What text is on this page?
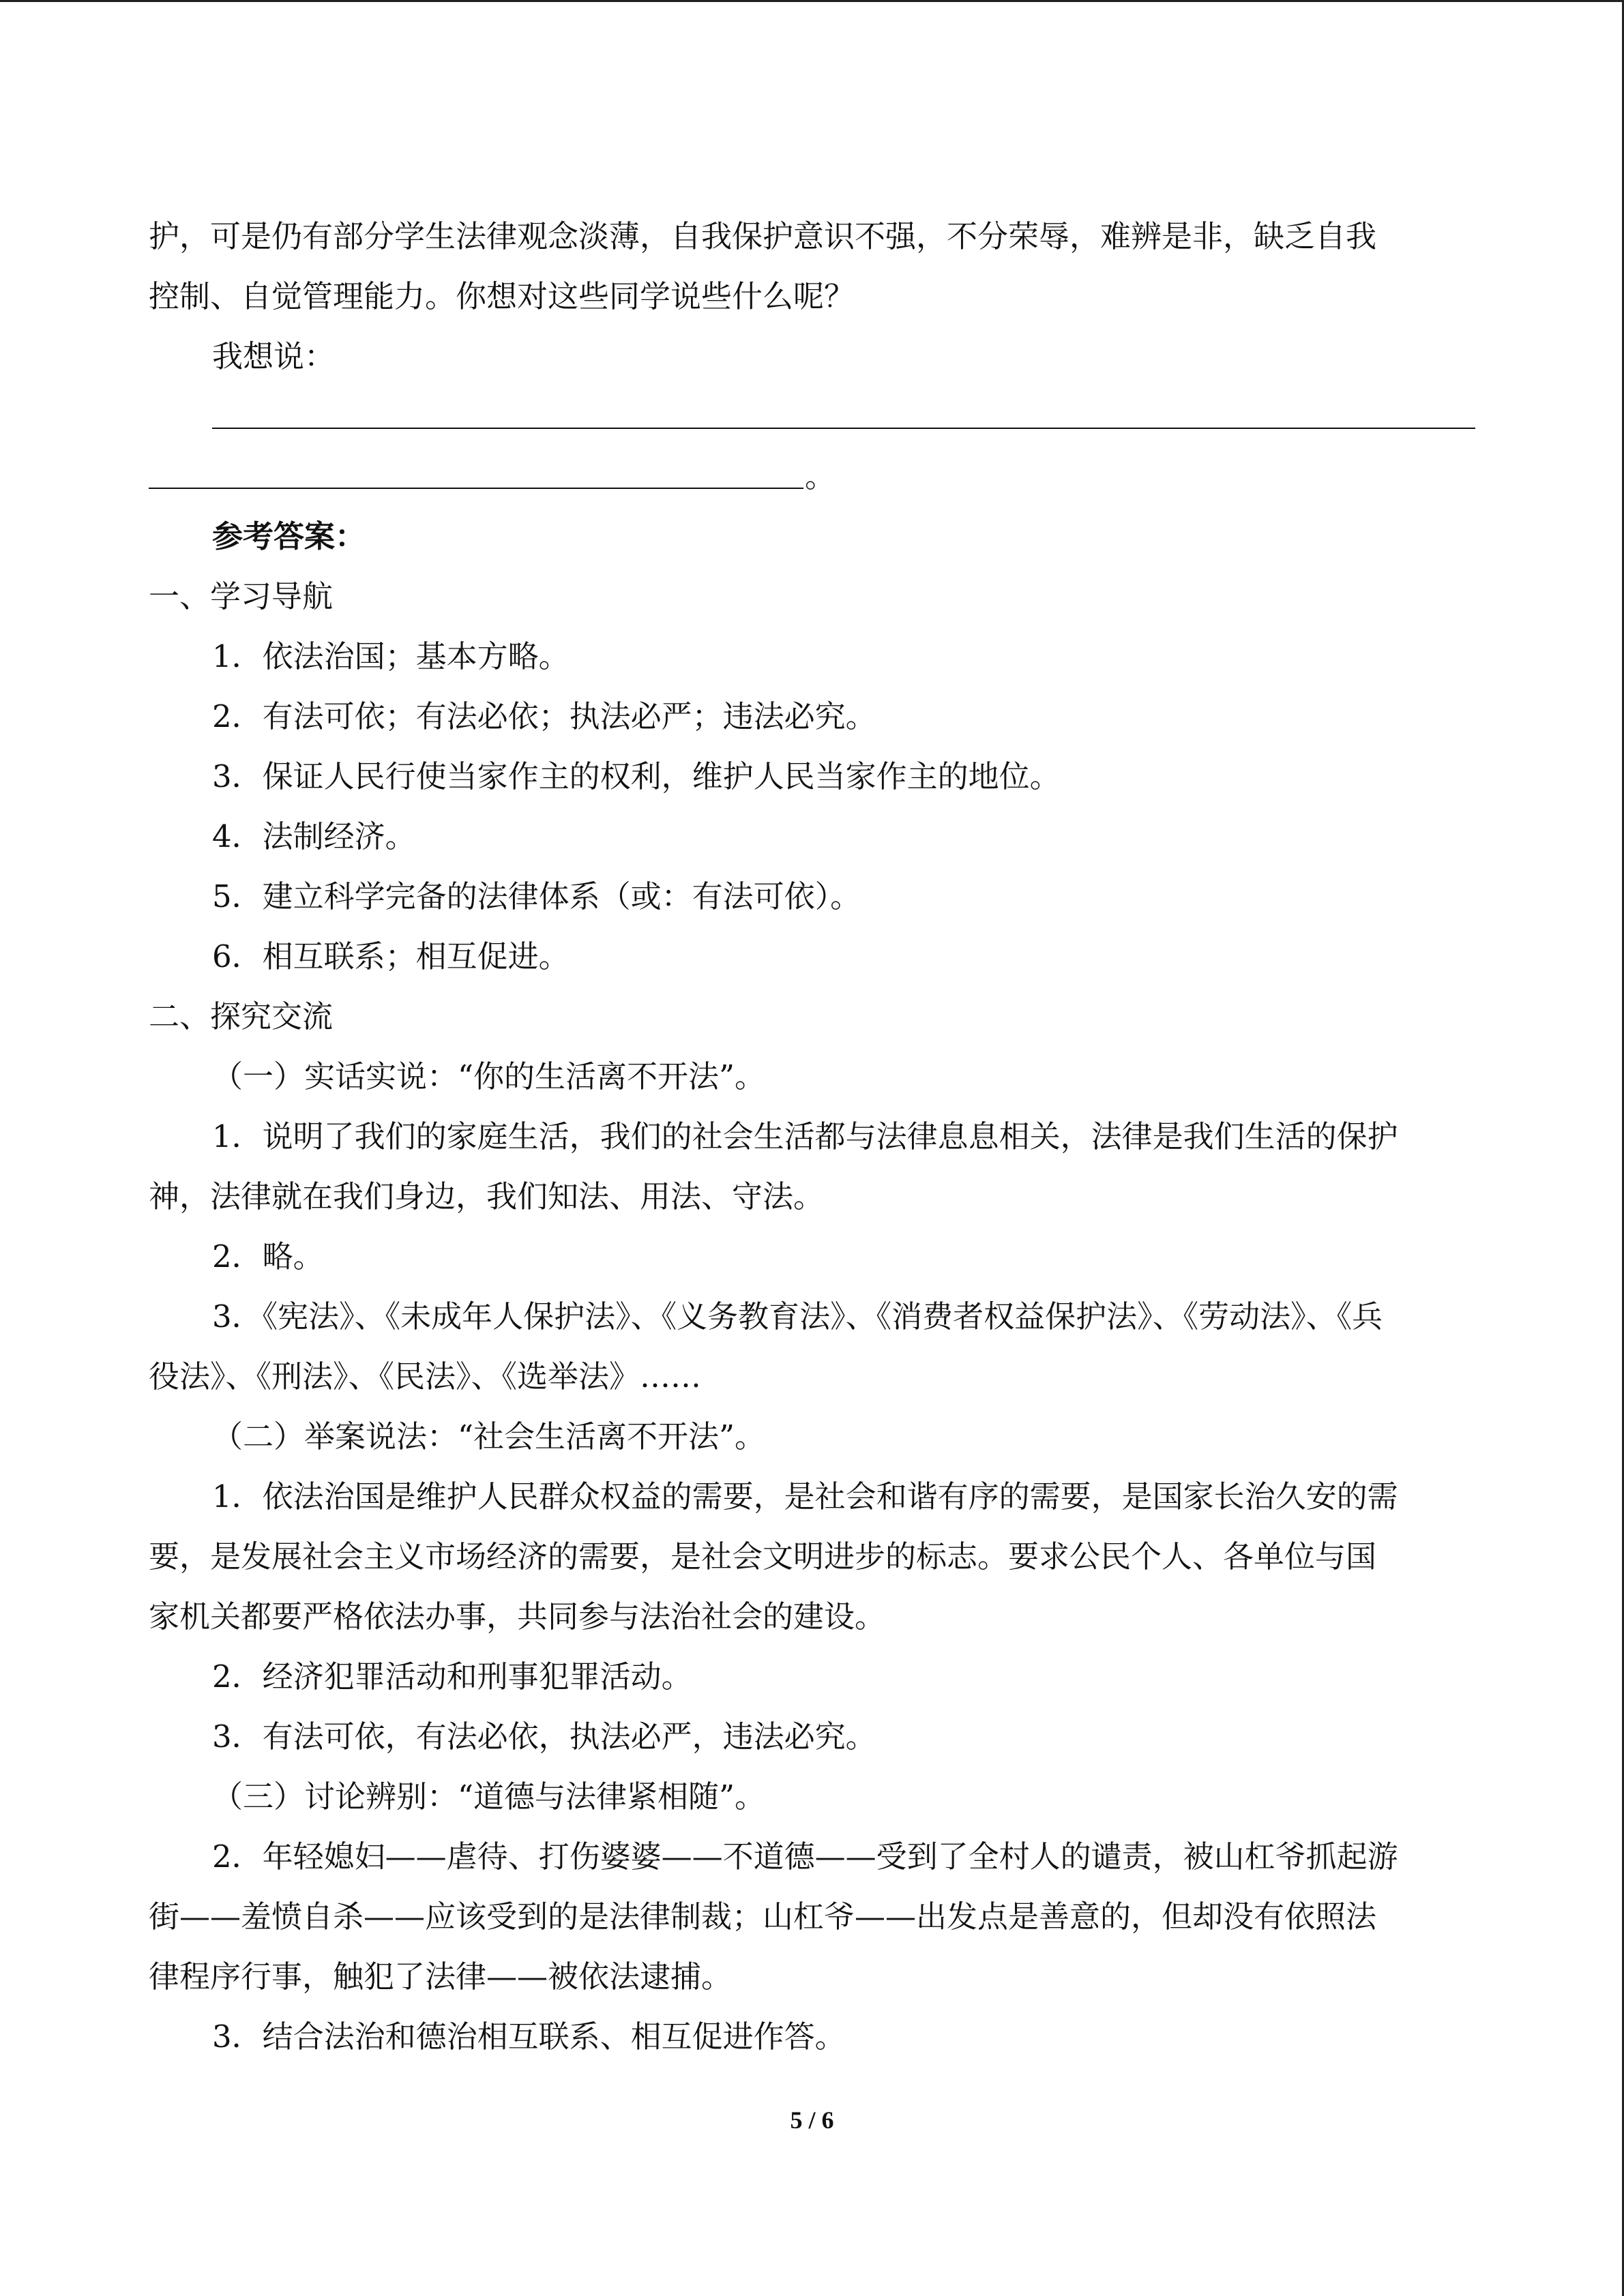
护，可是仍有部分学生法律观念淡薄，自我保护意识不强，不分荣辱，难辨是非，缺乏自我

控制、自觉管理能力。你想对这些同学说些什么呢？

我想说：

。

参考答案：

一、学习导航

1．依法治国；基本方略。

2．有法可依；有法必依；执法必严；违法必究。

3．保证人民行使当家作主的权利，维护人民当家作主的地位。

4．法制经济。

5．建立科学完备的法律体系（或：有法可依）。

6．相互联系；相互促进。

二、探究交流

（一）实话实说：“你的生活离不开法”。

1．说明了我们的家庭生活，我们的社会生活都与法律息息相关，法律是我们生活的保护

神，法律就在我们身边，我们知法、用法、守法。

2．略。

3．《宪法》、《未成年人保护法》、《义务教育法》、《消费者权益保护法》、《劳动法》、《兵

役法》、《刑法》、《民法》、《选举法》……

（二）举案说法：“社会生活离不开法”。

1．依法治国是维护人民群众权益的需要，是社会和谐有序的需要，是国家长治久安的需

要，是发展社会主义市场经济的需要，是社会文明进步的标志。要求公民个人、各单位与国

家机关都要严格依法办事，共同参与法治社会的建设。

2．经济犯罪活动和刑事犯罪活动。

3．有法可依，有法必依，执法必严，违法必究。

（三）讨论辨别：“道德与法律紧相随”。

2．年轻媳妇——虐待、打伤婆婆——不道德——受到了全村人的谴责，被山杠爷抓起游

街——羞愤自杀——应该受到的是法律制裁；山杠爷——出发点是善意的，但却没有依照法

律程序行事，触犯了法律——被依法逮捕。

3．结合法治和德治相互联系、相互促进作答。

5 / 6
